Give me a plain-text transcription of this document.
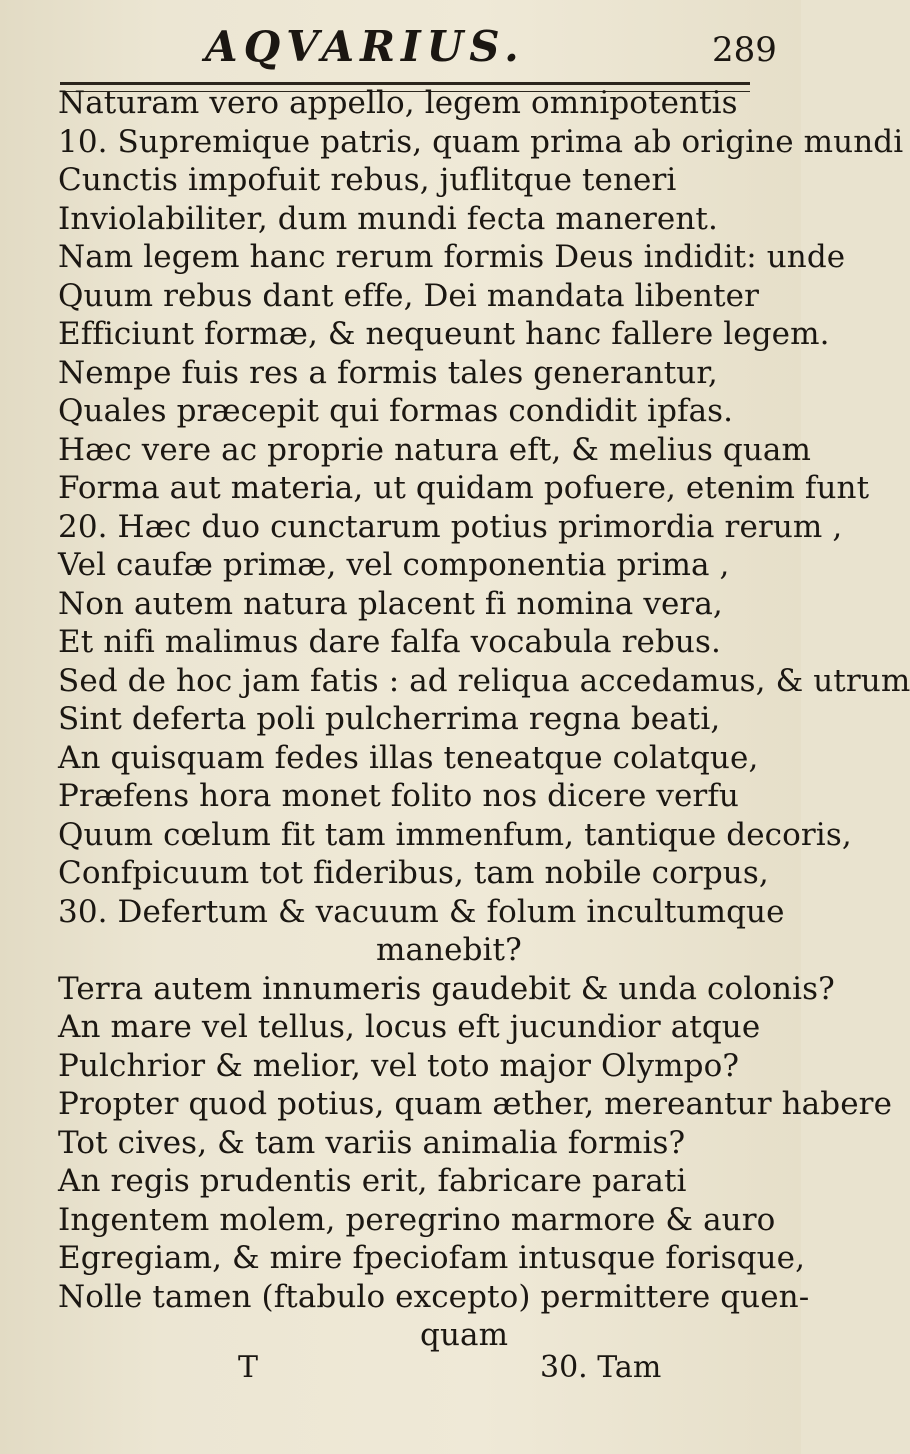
AQVARIUS.	289
Naturam vero appello, legem omnipotentis
10. Supremique patris, quam prima ab origine mundi
Cunctis impofuit rebus, juflitque teneri
Inviolabiliter, dum mundi fecta manerent.
Nam legem hanc rerum formis Deus indidit: unde
Quum rebus dant effe, Dei mandata libenter
Efficiunt formæ, & nequeunt hanc fallere legem.
Nempe fuis res a formis tales generantur,
Quales præcepit qui formas condidit ipfas.
Hæc vere ac proprie natura eft, & melius quam
Forma aut materia, ut quidam pofuere, etenim funt
20. Hæc duo cunctarum potius primordia rerum ,
Vel caufæ primæ, vel componentia prima ,
Non autem natura placent fi nomina vera,
Et nifi malimus dare falfa vocabula rebus.
Sed de hoc jam fatis : ad reliqua accedamus, & utrum
Sint deferta poli pulcherrima regna beati,
An quisquam fedes illas teneatque colatque,
Præfens hora monet folito nos dicere verfu
Quum cœlum fit tam immenfum, tantique decoris,
Confpicuum tot fideribus, tam nobile corpus,
30. Defertum & vacuum & folum incultumque
manebit?
Terra autem innumeris gaudebit & unda colonis?
An mare vel tellus, locus eft jucundior atque
Pulchrior & melior, vel toto major Olympo?
Propter quod potius, quam æther, mereantur habere
Tot cives, & tam variis animalia formis?
An regis prudentis erit, fabricare parati
Ingentem molem, peregrino marmore & auro
Egregiam, & mire fpeciofam intusque forisque,
Nolle tamen (ftabulo excepto) permittere quen-
quam
T	30. Tam
